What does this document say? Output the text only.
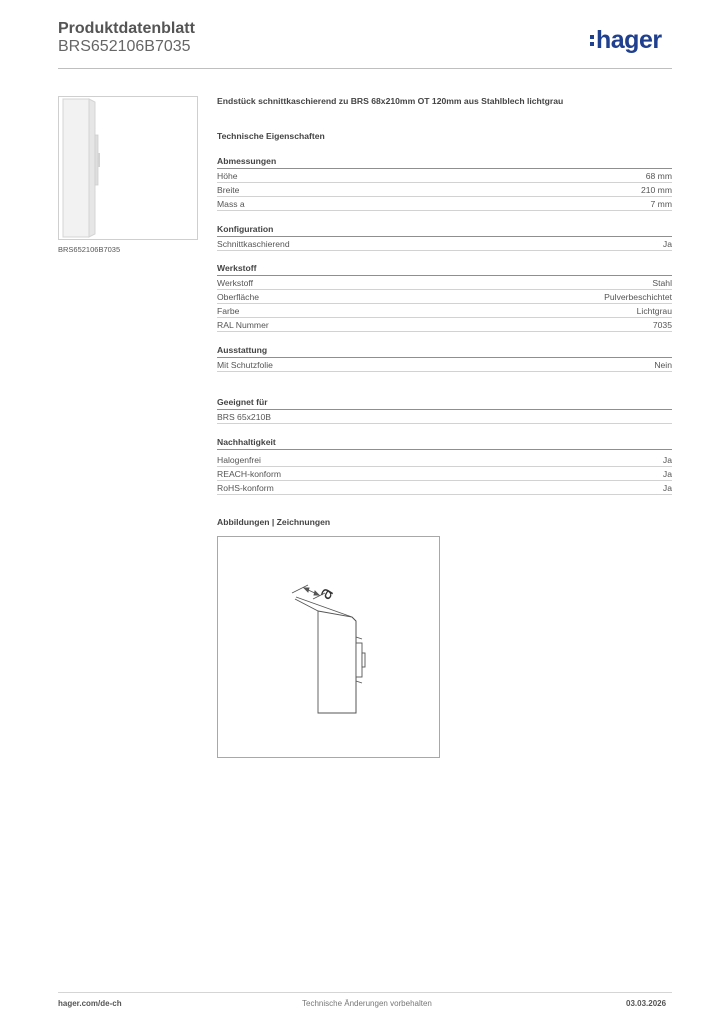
Produktdatenblatt
BRS652106B7035	hager
BRS652106B7035
Endstück schnittkaschierend zu BRS 68x210mm OT 120mm aus Stahlblech lichtgrau
Technische Eigenschaften
Abmessungen
Höhe	68 mm
Breite	210 mm
Mass a	7 mm
Konfiguration
Schnittkaschierend	Ja
Werkstoff
Werkstoff	Stahl
Oberfläche	Pulverbeschichtet
Farbe	Lichtgrau
RAL Nummer	7035
Ausstattung
Mit Schutzfolie	Nein
Geeignet für
BRS 65x210B
Nachhaltigkeit
Halogenfrei	Ja
REACH-konform	Ja
RoHS-konform	Ja
Abbildungen | Zeichnungen
a
hager.com/de-ch	Technische Änderungen vorbehalten	03.03.2026
